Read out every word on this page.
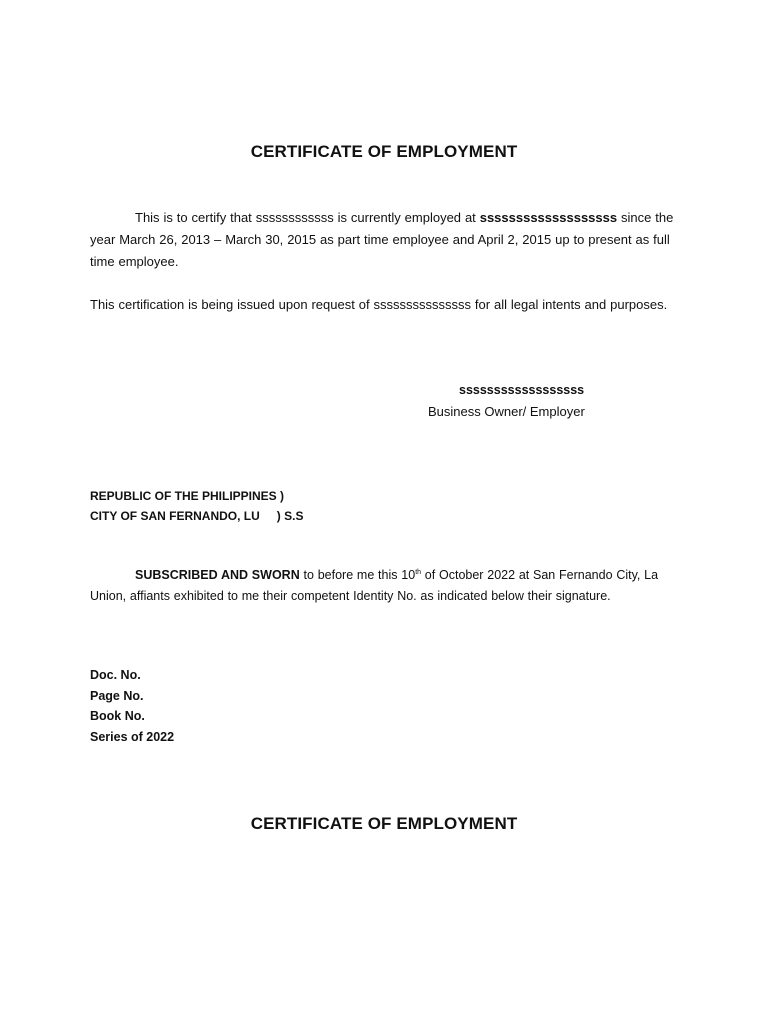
CERTIFICATE OF EMPLOYMENT
This is to certify that ssssssssssss is currently employed at sssssssssssssssssss since the year March 26, 2013 – March 30, 2015 as part time employee and April 2, 2015 up to present as full time employee.
This certification is being issued upon request of sssssssssssssss for all legal intents and purposes.
ssssssssssssssssss
Business Owner/ Employer
REPUBLIC OF THE PHILIPPINES )
CITY OF SAN FERNANDO, LU ) S.S
SUBSCRIBED AND SWORN to before me this 10th of October 2022 at San Fernando City, La Union, affiants exhibited to me their competent Identity No. as indicated below their signature.
Doc. No.
Page No.
Book No.
Series of 2022
CERTIFICATE OF EMPLOYMENT
